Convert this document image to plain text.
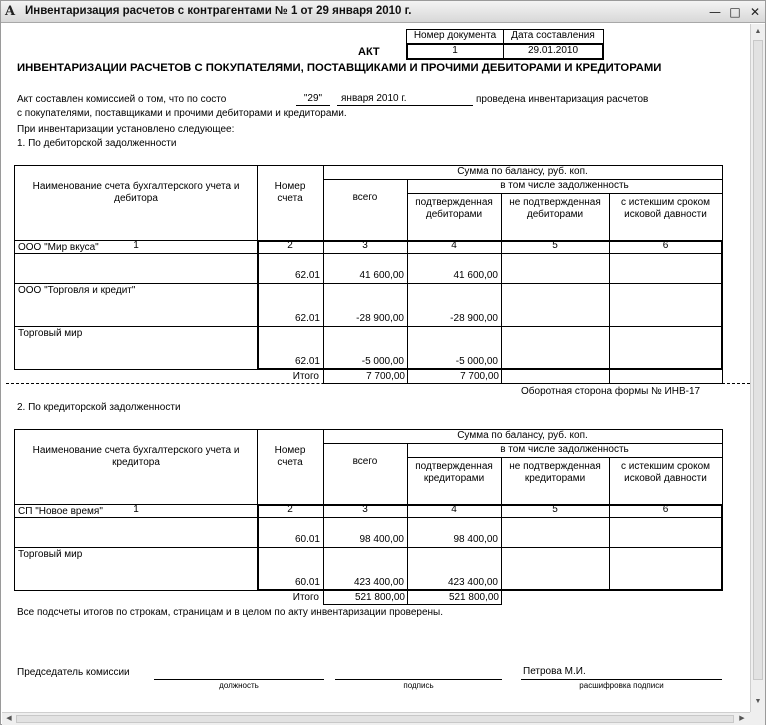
A Инвентаризация расчетов с контрагентами № 1 от 29 января 2010 г.	— □ ✕
Номер документа	Дата составления
1	29.01.2010
АКТ
ИНВЕНТАРИЗАЦИИ РАСЧЕТОВ С ПОКУПАТЕЛЯМИ, ПОСТАВЩИКАМИ И ПРОЧИМИ ДЕБИТОРАМИ И КРЕДИТОРАМИ
Акт составлен комиссией о том, что по состо	"29"	января 2010 г.	проведена инвентаризация расчетов
с покупателями, поставщиками и прочими дебиторами и кредиторами.
При инвентаризации установлено следующее:
1. По дебиторской задолженности
Наименование счета бухгалтерского учета и дебитора
Номер счета
Сумма по балансу, руб. коп.
всего
в том числе задолженность
подтвержденная дебиторами
не подтвержденная дебиторами
с истекшим сроком исковой давности
1	2	3	4	5	6
ООО "Мир вкуса"
62.01	41 600,00	41 600,00
ООО "Торговля и кредит"
62.01	-28 900,00	-28 900,00
Торговый мир
62.01	-5 000,00	-5 000,00
Итого	7 700,00	7 700,00
Оборотная сторона формы № ИНВ-17
2. По кредиторской задолженности
Наименование счета бухгалтерского учета и кредитора
Номер счета
Сумма по балансу, руб. коп.
всего
в том числе задолженность
подтвержденная кредиторами
не подтвержденная кредиторами
с истекшим сроком исковой давности
1	2	3	4	5	6
СП "Новое время"
60.01	98 400,00	98 400,00
Торговый мир
60.01	423 400,00	423 400,00
Итого	521 800,00	521 800,00
Все подсчеты итогов по строкам, страницам и в целом по акту инвентаризации проверены.
Председатель комиссии
должность	подпись
Петрова М.И.
расшифровка подписи
▲
▼
◀	▶
